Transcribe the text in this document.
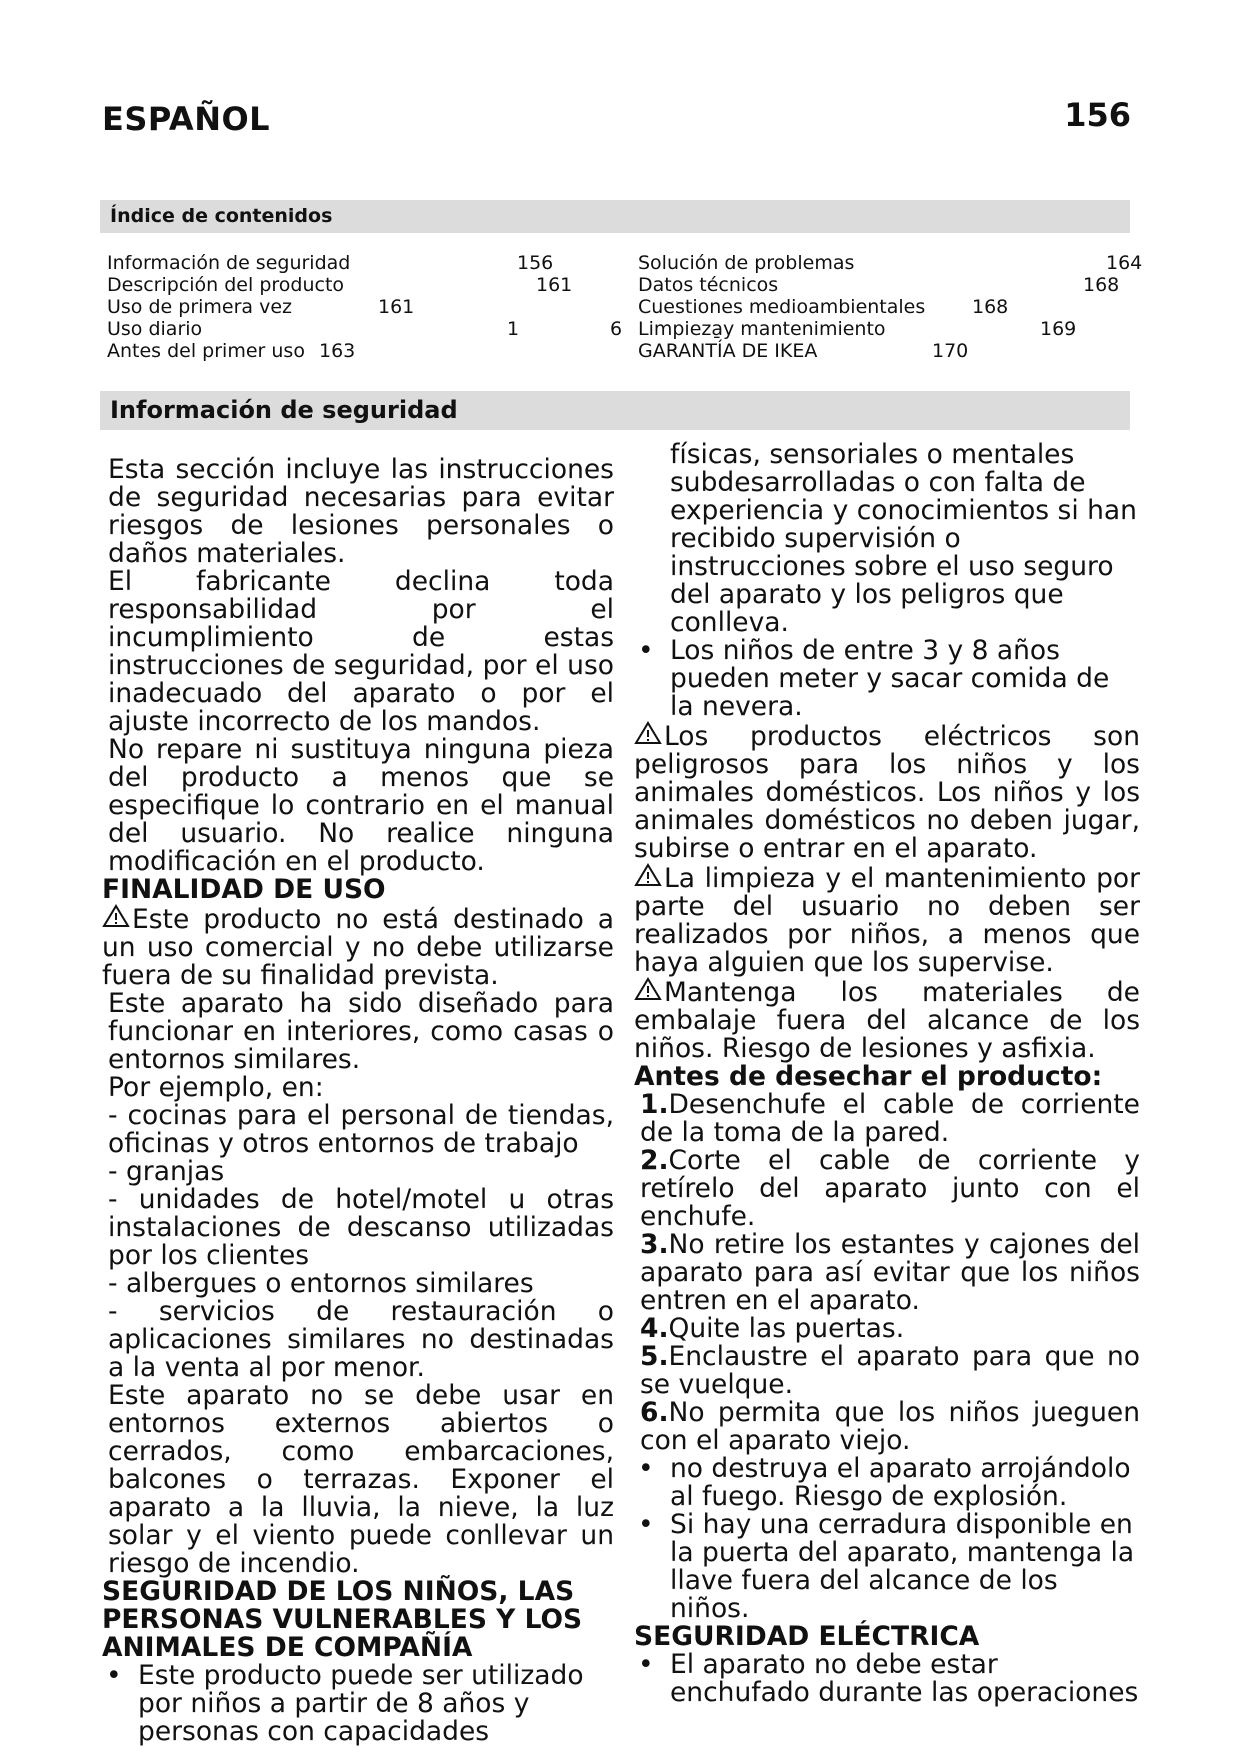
ESPAÑOL	156
Índice de contenidos
Información de seguridad	156
Descripción del producto	161
Uso de primera vez	161
Uso diario	1	6
Antes del primer uso 163
Solución de problemas	164
Datos técnicos	168
Cuestiones medioambientales 168
Limpieza̱y mantenimiento	169
GARANTÍA DE IKEA	170
Información de seguridad

Esta sección incluye las instrucciones de seguridad necesarias para evitar riesgos de lesiones personales o daños materiales.

El fabricante declina toda responsabilidad por el incumplimiento de estas instrucciones de seguridad, por el uso inadecuado del aparato o por el ajuste incorrecto de los mandos.

No repare ni sustituya ninguna pieza del producto a menos que se especifique lo contrario en el manual del usuario. No realice ninguna modificación en el producto.

FINALIDAD DE USO

Este producto no está destinado a un uso comercial y no debe utilizarse fuera de su finalidad prevista.

Este aparato ha sido diseñado para funcionar en interiores, como casas o entornos similares.

Por ejemplo, en:

- cocinas para el personal de tiendas, oficinas y otros entornos de trabajo

- granjas

- unidades de hotel/motel u otras instalaciones de descanso utilizadas por los clientes

- albergues o entornos similares

- servicios de restauración o aplicaciones similares no destinadas a la venta al por menor.

Este aparato no se debe usar en entornos externos abiertos o cerrados, como embarcaciones, balcones o terrazas. Exponer el aparato a la lluvia, la nieve, la luz solar y el viento puede conllevar un riesgo de incendio.

SEGURIDAD DE LOS NIÑOS, LAS PERSONAS VULNERABLES Y LOS ANIMALES DE COMPAÑÍA

• Este producto puede ser utilizado por niños a partir de 8 años y personas con capacidades

físicas, sensoriales o mentales subdesarrolladas o con falta de experiencia y conocimientos si han recibido supervisión o instrucciones sobre el uso seguro del aparato y los peligros que conlleva.

• Los niños de entre 3 y 8 años pueden meter y sacar comida de la nevera.

Los productos eléctricos son peligrosos para los niños y los animales domésticos. Los niños y los animales domésticos no deben jugar, subirse o entrar en el aparato.

La limpieza y el mantenimiento por parte del usuario no deben ser realizados por niños, a menos que haya alguien que los supervise.

Mantenga los materiales de embalaje fuera del alcance de los niños. Riesgo de lesiones y asfixia.

Antes de desechar el producto:

1.Desenchufe el cable de corriente de la toma de la pared.

2.Corte el cable de corriente y retírelo del aparato junto con el enchufe.

3.No retire los estantes y cajones del aparato para así evitar que los niños entren en el aparato.

4.Quite las puertas.

5.Enclaustre el aparato para que no se vuelque.

6.No permita que los niños jueguen con el aparato viejo.

• no destruya el aparato arrojándolo al fuego. Riesgo de explosión.

• Si hay una cerradura disponible en la puerta del aparato, mantenga la llave fuera del alcance de los niños.

SEGURIDAD ELÉCTRICA

• El aparato no debe estar enchufado durante las operaciones
